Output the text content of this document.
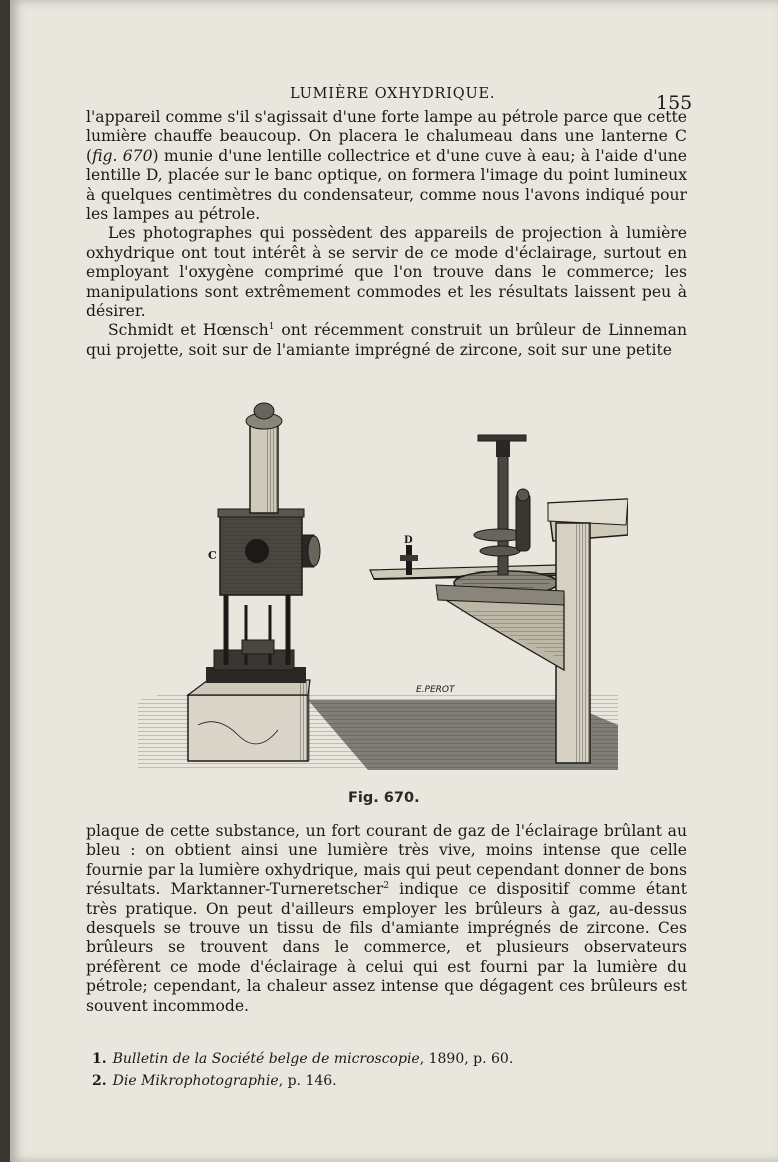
LUMIÈRE OXHYDRIQUE.	155

l'appareil comme s'il s'agissait d'une forte lampe au pétrole parce que cette lumière chauffe beaucoup. On placera le chalumeau dans une lanterne C (fig. 670) munie d'une lentille collectrice et d'une cuve à eau; à l'aide d'une lentille D, placée sur le banc optique, on formera l'image du point lumineux à quelques centimètres du condensateur, comme nous l'avons indiqué pour les lampes au pétrole.

Les photographes qui possèdent des appareils de projection à lumière oxhydrique ont tout intérêt à se servir de ce mode d'éclairage, surtout en employant l'oxygène comprimé que l'on trouve dans le commerce; les manipulations sont extrêmement commodes et les résultats laissent peu à désirer.

Schmidt et Hœnsch$^1$ ont récemment construit un brûleur de Linneman qui projette, soit sur de l'amiante imprégné de zircone, soit sur une petite

C
D
E.PEROT
Fig. 670.

plaque de cette substance, un fort courant de gaz de l'éclairage brûlant au bleu : on obtient ainsi une lumière très vive, moins intense que celle fournie par la lumière oxhydrique, mais qui peut cependant donner de bons résultats. Marktanner-Turneretscher$^2$ indique ce dispositif comme étant très pratique. On peut d'ailleurs employer les brûleurs à gaz, au-dessus desquels se trouve un tissu de fils d'amiante imprégnés de zircone. Ces brûleurs se trouvent dans le commerce, et plusieurs observateurs préfèrent ce mode d'éclairage à celui qui est fourni par la lumière du pétrole; cependant, la chaleur assez intense que dégagent ces brûleurs est souvent incommode.

1. Bulletin de la Société belge de microscopie, 1890, p. 60.
2. Die Mikrophotographie, p. 146.
